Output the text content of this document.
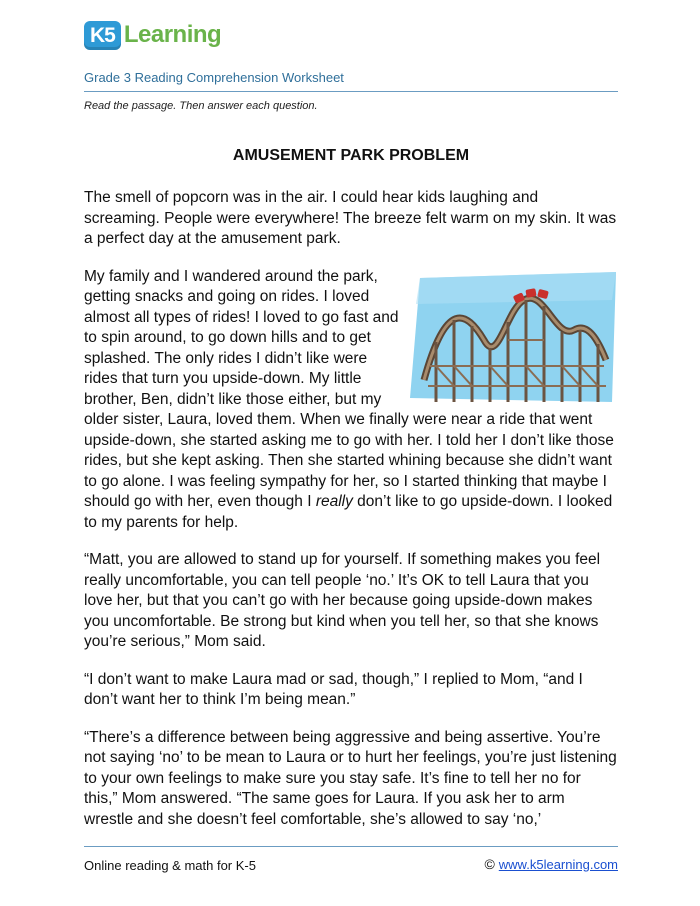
K5 Learning
Grade 3 Reading Comprehension Worksheet
Read the passage. Then answer each question.
AMUSEMENT PARK PROBLEM

The smell of popcorn was in the air. I could hear kids laughing and screaming. People were everywhere! The breeze felt warm on my skin. It was a perfect day at the amusement park.

My family and I wandered around the park, getting snacks and going on rides. I loved almost all types of rides! I loved to go fast and to spin around, to go down hills and to get splashed. The only rides I didn’t like were rides that turn you upside-down. My little brother, Ben, didn’t like those either, but my older sister, Laura, loved them. When we finally were near a ride that went upside-down, she started asking me to go with her. I told her I don’t like those rides, but she kept asking. Then she started whining because she didn’t want to go alone. I was feeling sympathy for her, so I started thinking that maybe I should go with her, even though I really don’t like to go upside-down. I looked to my parents for help.

“Matt, you are allowed to stand up for yourself. If something makes you feel really uncomfortable, you can tell people ‘no.’ It’s OK to tell Laura that you love her, but that you can’t go with her because going upside-down makes you uncomfortable. Be strong but kind when you tell her, so that she knows you’re serious,” Mom said.

“I don’t want to make Laura mad or sad, though,” I replied to Mom, “and I don’t want her to think I’m being mean.”

“There’s a difference between being aggressive and being assertive. You’re not saying ‘no’ to be mean to Laura or to hurt her feelings, you’re just listening to your own feelings to make sure you stay safe. It’s fine to tell her no for this,” Mom answered. “The same goes for Laura. If you ask her to arm wrestle and she doesn’t feel comfortable, she’s allowed to say ‘no,’

Online reading & math for K-5	© www.k5learning.com
